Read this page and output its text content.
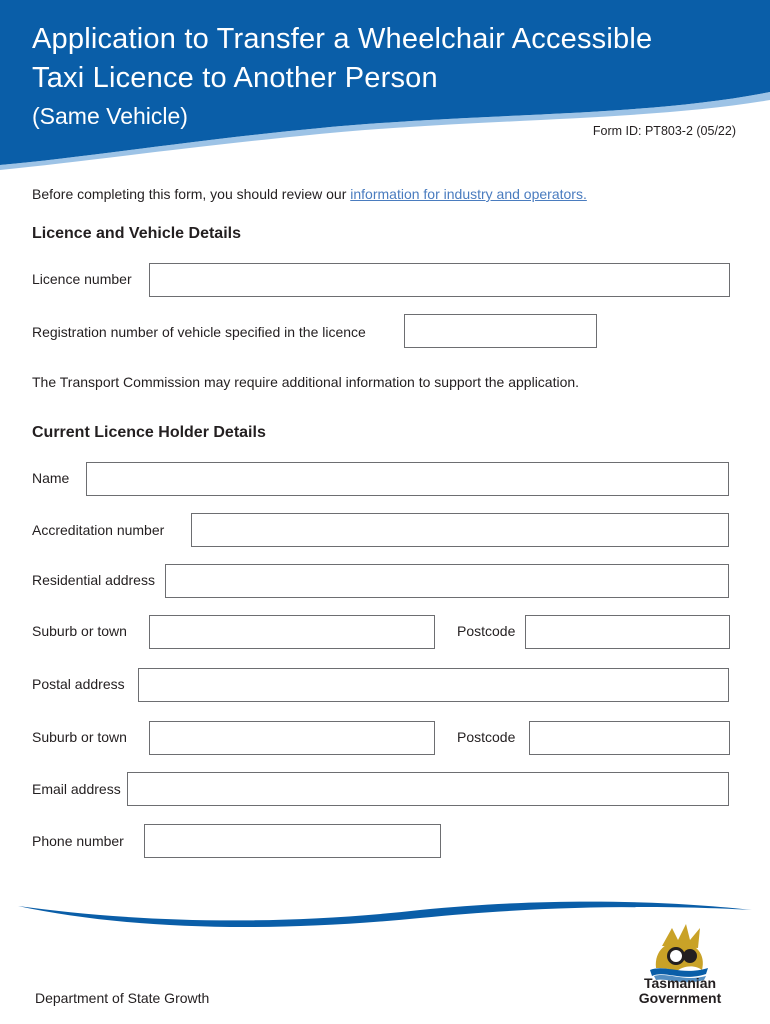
Application to Transfer a Wheelchair Accessible
Taxi Licence to Another Person
(Same Vehicle)
Form ID: PT803-2 (05/22)
Before completing this form, you should review our information for industry and operators.
Licence and Vehicle Details
Licence number
Registration number of vehicle specified in the licence
The Transport Commission may require additional information to support the application.
Current Licence Holder Details
Name
Accreditation number
Residential address
Suburb or town	Postcode
Postal address
Suburb or town	Postcode
Email address
Phone number
Department of State Growth
Tasmanian
Government
